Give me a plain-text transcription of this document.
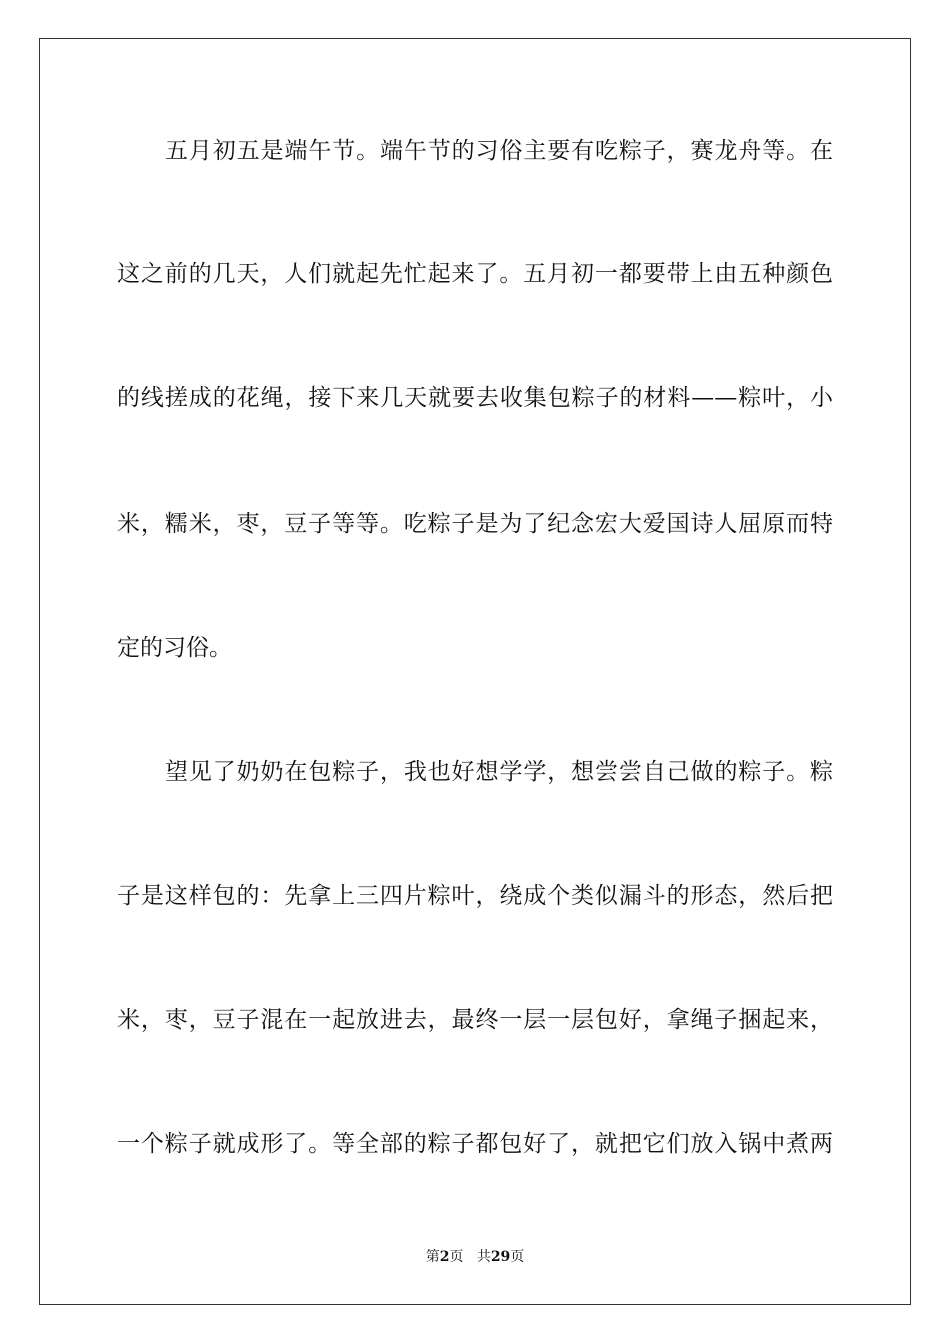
五月初五是端午节。端午节的习俗主要有吃粽子，赛龙舟等。在
这之前的几天，人们就起先忙起来了。五月初一都要带上由五种颜色
的线搓成的花绳，接下来几天就要去收集包粽子的材料——粽叶，小
米，糯米，枣，豆子等等。吃粽子是为了纪念宏大爱国诗人屈原而特
定的习俗。
望见了奶奶在包粽子，我也好想学学，想尝尝自己做的粽子。粽
子是这样包的：先拿上三四片粽叶，绕成个类似漏斗的形态，然后把
米，枣，豆子混在一起放进去，最终一层一层包好，拿绳子捆起来，
一个粽子就成形了。等全部的粽子都包好了，就把它们放入锅中煮两
第2页 共29页
